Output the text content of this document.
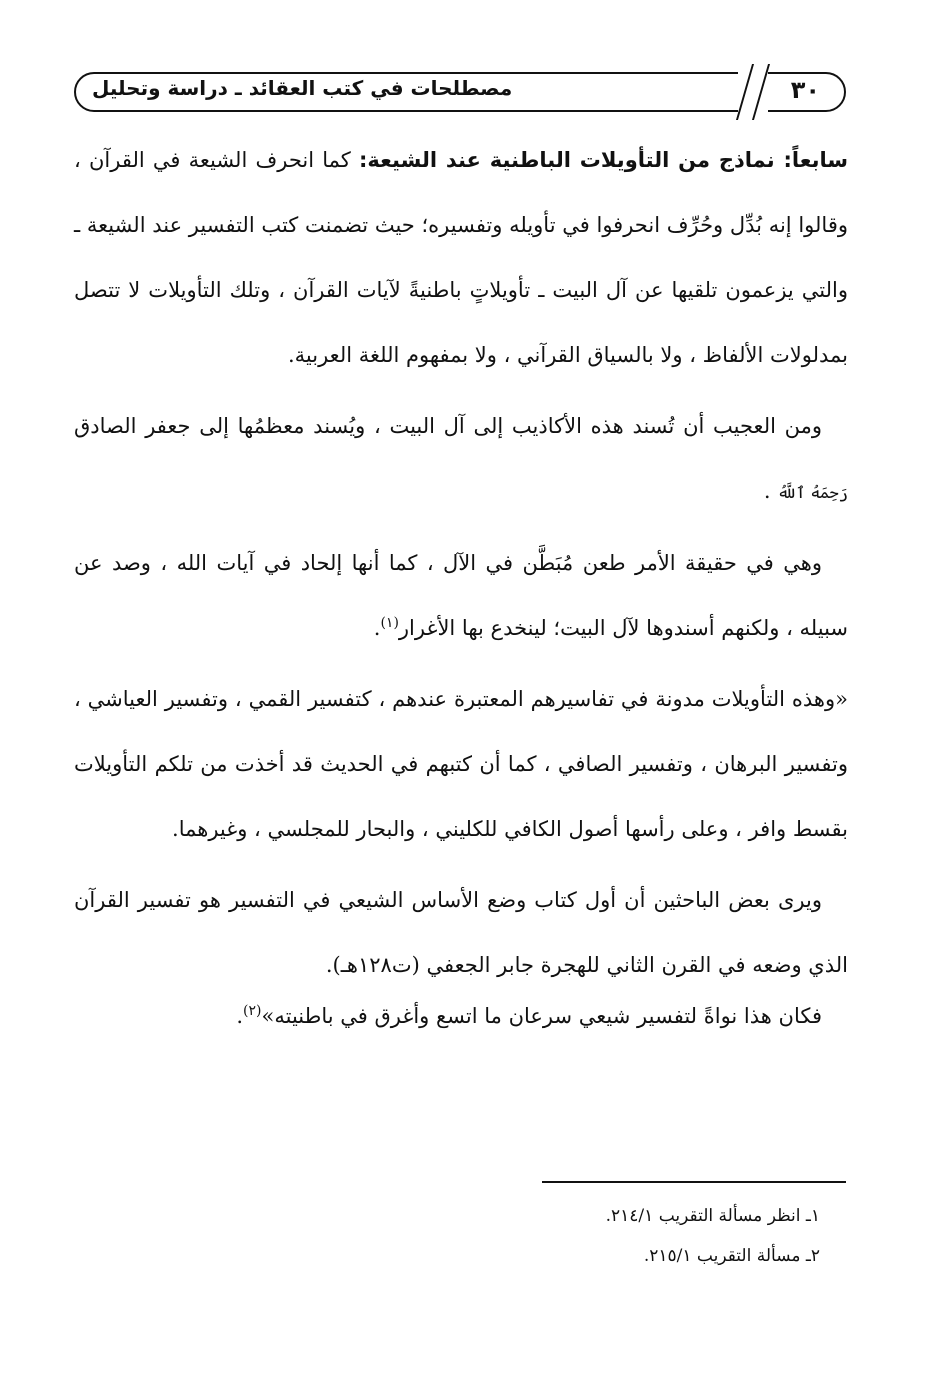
٣٠
مصطلحات في كتب العقائد ـ دراسة وتحليل

سابعاً: نماذج من التأويلات الباطنية عند الشيعة: كما انحرف الشيعة في القرآن ، وقالوا إنه بُدِّل وحُرِّف انحرفوا في تأويله وتفسيره؛ حيث تضمنت كتب التفسير عند الشيعة ـ والتي يزعمون تلقيها عن آل البيت ـ تأويلاتٍ باطنيةً لآيات القرآن ، وتلك التأويلات لا تتصل بمدلولات الألفاظ ، ولا بالسياق القرآني ، ولا بمفهوم اللغة العربية.

ومن العجيب أن تُسند هذه الأكاذيب إلى آل البيت ، ويُسند معظمُها إلى جعفر الصادق رَحِمَهُ ٱللَّهُ .

وهي في حقيقة الأمر طعن مُبَطَّن في الآل ، كما أنها إلحاد في آيات الله ، وصد عن سبيله ، ولكنهم أسندوها لآل البيت؛ لينخدع بها الأغرار$^{(١)}$.

«وهذه التأويلات مدونة في تفاسيرهم المعتبرة عندهم ، كتفسير القمي ، وتفسير العياشي ، وتفسير البرهان ، وتفسير الصافي ، كما أن كتبهم في الحديث قد أخذت من تلكم التأويلات بقسط وافر ، وعلى رأسها أصول الكافي للكليني ، والبحار للمجلسي ، وغيرهما.

ويرى بعض الباحثين أن أول كتاب وضع الأساس الشيعي في التفسير هو تفسير القرآن الذي وضعه في القرن الثاني للهجرة جابر الجعفي (ت١٢٨هـ).

فكان هذا نواةً لتفسير شيعي سرعان ما اتسع وأغرق في باطنيته»$^{(٢)}$.

١ـ انظر مسألة التقريب ٢١٤/١.
٢ـ مسألة التقريب ٢١٥/١.
